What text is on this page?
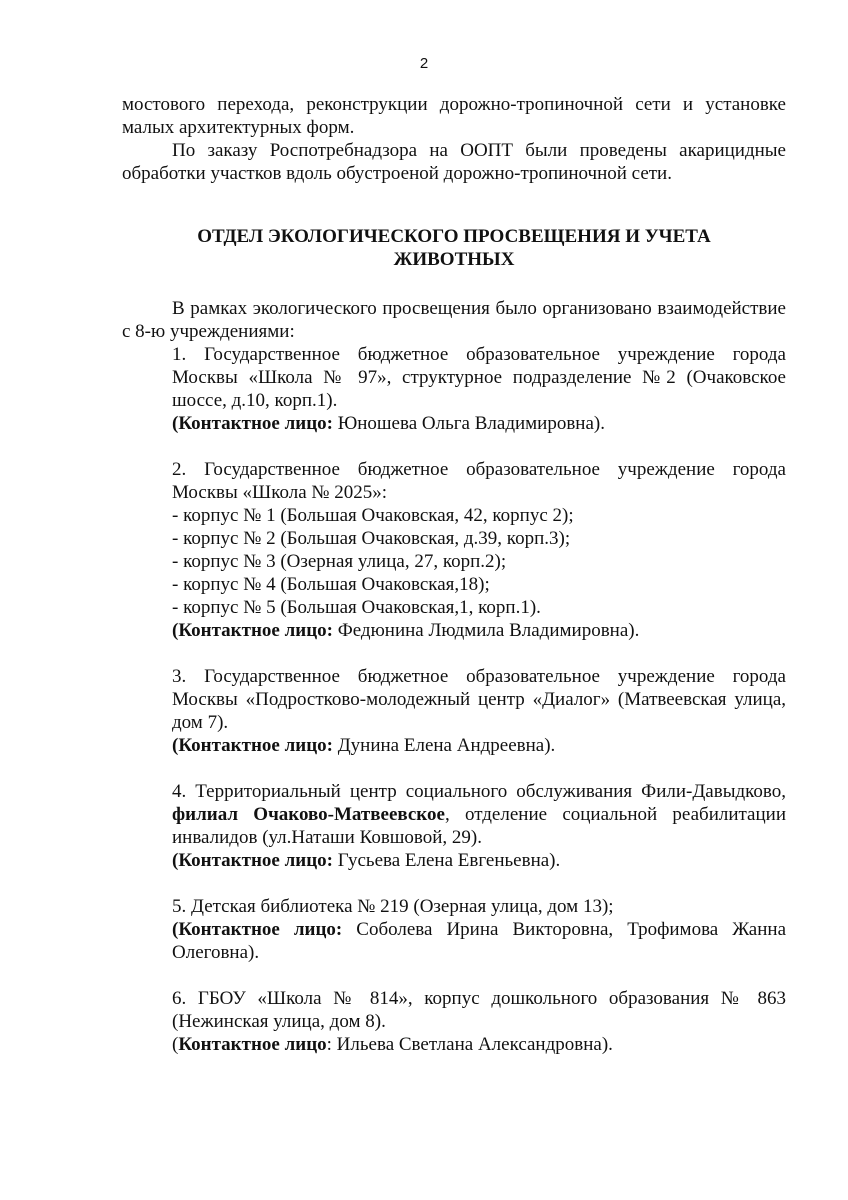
2

мостового перехода, реконструкции дорожно-тропиночной сети и установке малых архитектурных форм.

По заказу Роспотребнадзора на ООПТ были проведены акарицидные обработки участков вдоль обустроеной дорожно-тропиночной сети.

ОТДЕЛ ЭКОЛОГИЧЕСКОГО ПРОСВЕЩЕНИЯ И УЧЕТА ЖИВОТНЫХ

В рамках экологического просвещения было организовано взаимодействие с 8-ю учреждениями:

1. Государственное бюджетное образовательное учреждение города Москвы «Школа № 97», структурное подразделение №2 (Очаковское шоссе, д.10, корп.1).

(Контактное лицо: Юношева Ольга Владимировна).

2. Государственное бюджетное образовательное учреждение города Москвы «Школа № 2025»:

- корпус № 1 (Большая Очаковская, 42, корпус 2);
- корпус № 2 (Большая Очаковская, д.39, корп.3);
- корпус № 3 (Озерная улица, 27, корп.2);
- корпус № 4 (Большая Очаковская,18);
- корпус № 5 (Большая Очаковская,1, корп.1).

(Контактное лицо: Федюнина Людмила Владимировна).

3. Государственное бюджетное образовательное учреждение города Москвы «Подростково-молодежный центр «Диалог» (Матвеевская улица, дом 7).

(Контактное лицо: Дунина Елена Андреевна).

4. Территориальный центр социального обслуживания Фили-Давыдково, филиал Очаково-Матвеевское, отделение социальной реабилитации инвалидов (ул.Наташи Ковшовой, 29).

(Контактное лицо: Гусьева Елена Евгеньевна).

5. Детская библиотека № 219 (Озерная улица, дом 13);

(Контактное лицо: Соболева Ирина Викторовна, Трофимова Жанна Олеговна).

6. ГБОУ «Школа № 814», корпус дошкольного образования № 863 (Нежинская улица, дом 8).

(Контактное лицо: Ильева Светлана Александровна).
